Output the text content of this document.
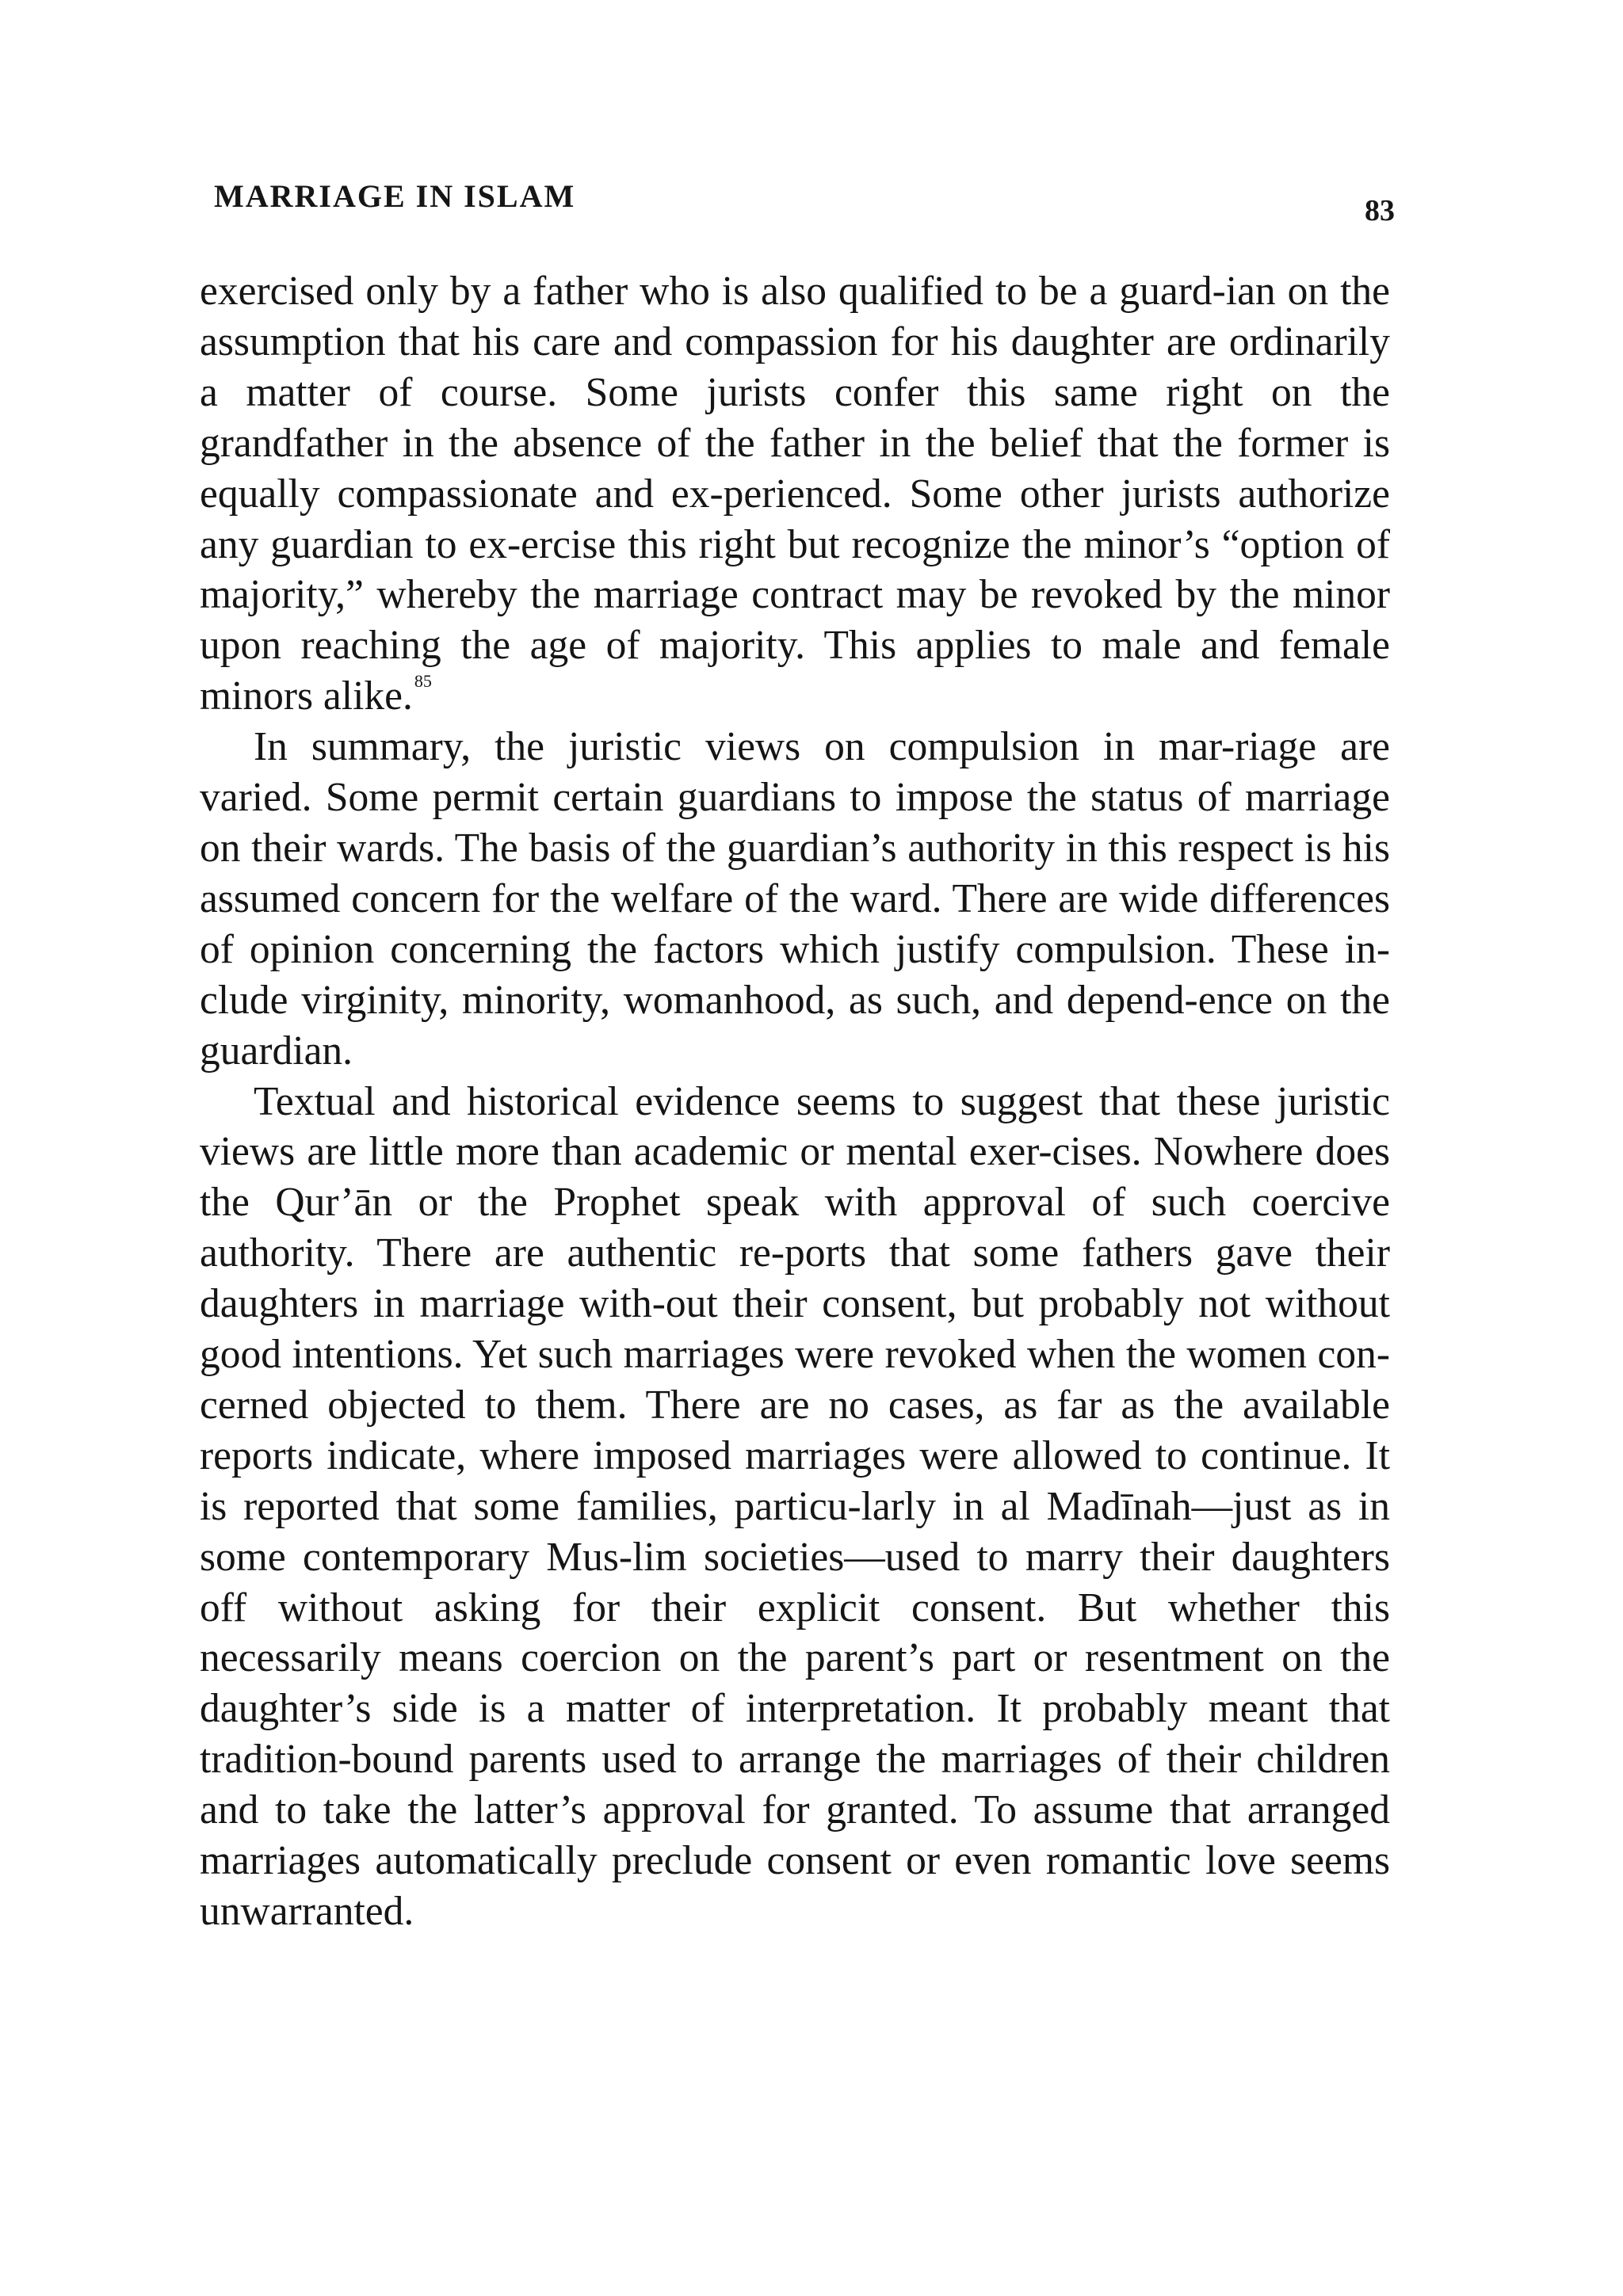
MARRIAGE IN ISLAM	83

exercised only by a father who is also qualified to be a guard-ian on the assumption that his care and compassion for his daughter are ordinarily a matter of course. Some jurists confer this same right on the grandfather in the absence of the father in the belief that the former is equally compassionate and ex-perienced. Some other jurists authorize any guardian to ex-ercise this right but recognize the minor’s “option of majority,” whereby the marriage contract may be revoked by the minor upon reaching the age of majority. This applies to male and female minors alike.$^{85}$

In summary, the juristic views on compulsion in mar-riage are varied. Some permit certain guardians to impose the status of marriage on their wards. The basis of the guardian’s authority in this respect is his assumed concern for the welfare of the ward. There are wide differences of opinion concerning the factors which justify compulsion. These in-clude virginity, minority, womanhood, as such, and depend-ence on the guardian.

Textual and historical evidence seems to suggest that these juristic views are little more than academic or mental exer-cises. Nowhere does the Qur’ān or the Prophet speak with approval of such coercive authority. There are authentic re-ports that some fathers gave their daughters in marriage with-out their consent, but probably not without good intentions. Yet such marriages were revoked when the women con-cerned objected to them. There are no cases, as far as the available reports indicate, where imposed marriages were allowed to continue. It is reported that some families, particu-larly in al Madīnah—just as in some contemporary Mus-lim societies—used to marry their daughters off without asking for their explicit consent. But whether this necessarily means coercion on the parent’s part or resentment on the daughter’s side is a matter of interpretation. It probably meant that tradition-bound parents used to arrange the marriages of their children and to take the latter’s approval for granted. To assume that arranged marriages automatically preclude consent or even romantic love seems unwarranted.
